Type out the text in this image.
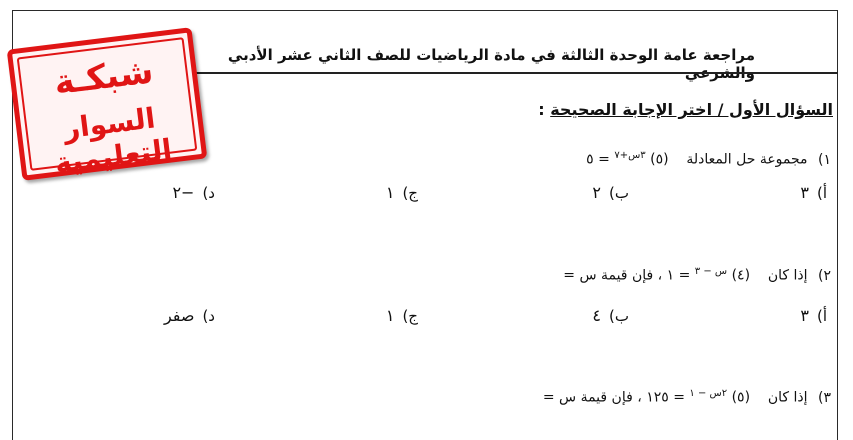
مراجعة عامة الوحدة الثالثة في مادة الرياضيات للصف الثاني عشر الأدبي والشرعي
شبكـة
السوار التعليمية
السؤال الأول / اختر الإجابة الصحيحة :
١) مجموعة حل المعادلة    (٥) $^{٣س+٧}$ = ٥
أ)٣
ب)٢
ج)١
د)−٢
٢) إذا كان    (٤) $^{س - ٣}$ = ١ ، فإن قيمة س =
أ)٣
ب)٤
ج)١
د)صفر
٣) إذا كان    (٥) $^{٢س - ١}$ = ١٢٥ ، فإن قيمة س =
